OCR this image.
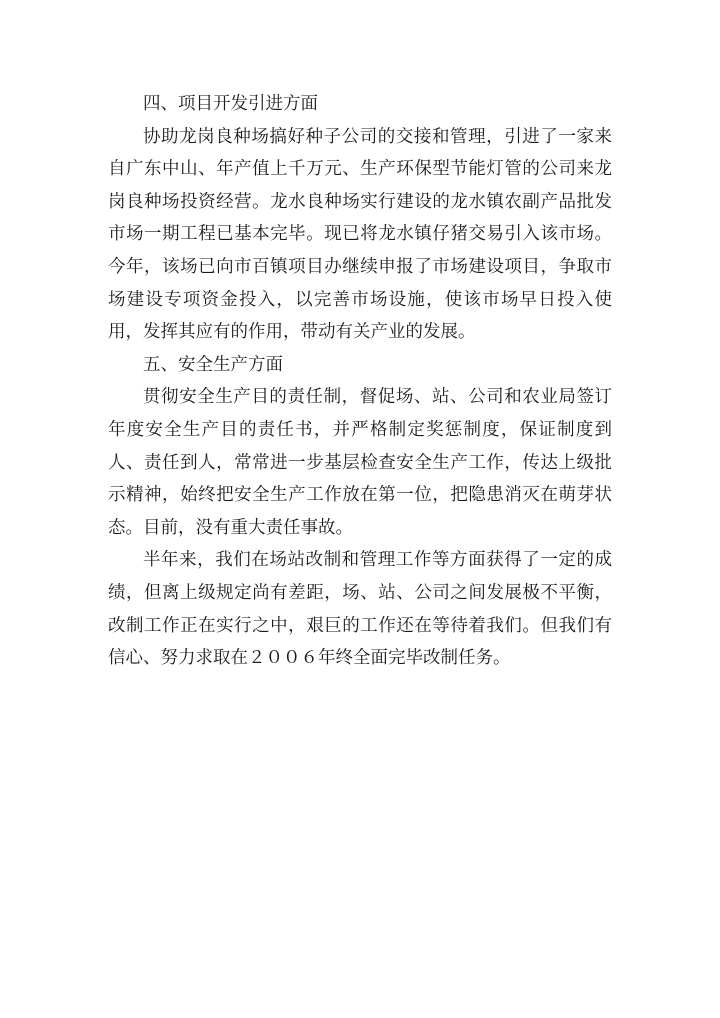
四、项目开发引进方面

协助龙岗良种场搞好种子公司的交接和管理，引进了一家来自广东中山、年产值上千万元、生产环保型节能灯管的公司来龙岗良种场投资经营。龙水良种场实行建设的龙水镇农副产品批发市场一期工程已基本完毕。现已将龙水镇仔猪交易引入该市场。今年，该场已向市百镇项目办继续申报了市场建设项目，争取市场建设专项资金投入，以完善市场设施，使该市场早日投入使用，发挥其应有的作用，带动有关产业的发展。

五、安全生产方面

贯彻安全生产目的责任制，督促场、站、公司和农业局签订年度安全生产目的责任书，并严格制定奖惩制度，保证制度到人、责任到人，常常进一步基层检查安全生产工作，传达上级批示精神，始终把安全生产工作放在第一位，把隐患消灭在萌芽状态。目前，没有重大责任事故。

半年来，我们在场站改制和管理工作等方面获得了一定的成绩，但离上级规定尚有差距，场、站、公司之间发展极不平衡，改制工作正在实行之中，艰巨的工作还在等待着我们。但我们有信心、努力求取在２００６年终全面完毕改制任务。
